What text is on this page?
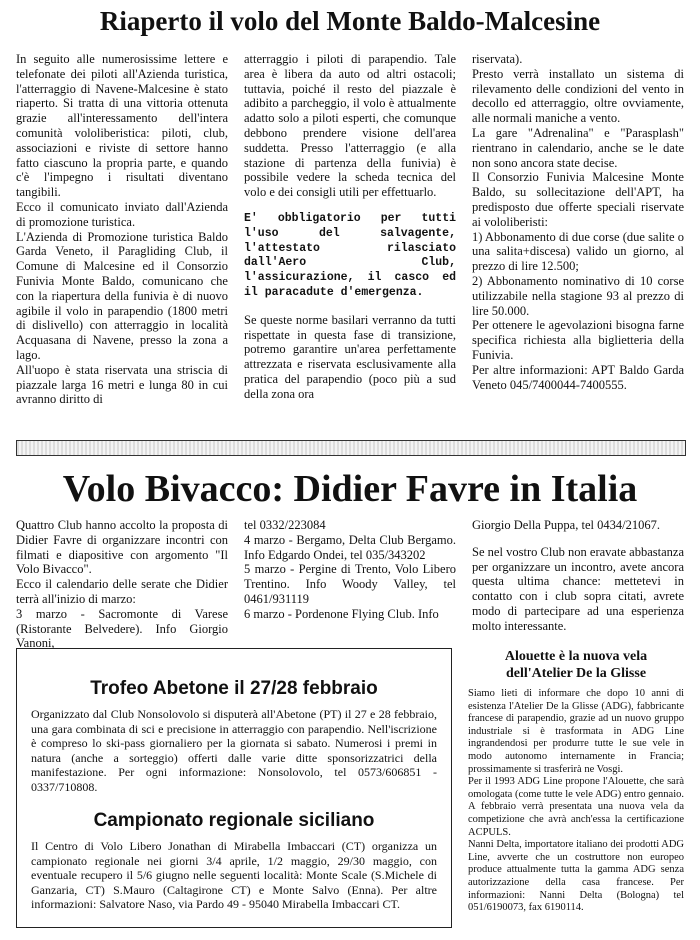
Riaperto il volo del Monte Baldo-Malcesine

In seguito alle numerosissime lettere e telefonate dei piloti all'Azienda turistica, l'atterraggio di Navene-Malcesine è stato riaperto. Si tratta di una vittoria ottenuta grazie all'interessamento dell'intera comunità vololiberistica: piloti, club, associazioni e riviste di settore hanno fatto ciascuno la propria parte, e quando c'è l'impegno i risultati diventano tangibili.

Ecco il comunicato inviato dall'Azienda di promozione turistica.

L'Azienda di Promozione turistica Baldo Garda Veneto, il Paragliding Club, il Comune di Malcesine ed il Consorzio Funivia Monte Baldo, comunicano che con la riapertura della funivia è di nuovo agibile il volo in parapendio (1800 metri di dislivello) con atterraggio in località Acquasana di Navene, presso la zona a lago.

All'uopo è stata riservata una striscia di piazzale larga 16 metri e lunga 80 in cui avranno diritto di

atterraggio i piloti di parapendio. Tale area è libera da auto od altri ostacoli; tuttavia, poiché il resto del piazzale è adibito a parcheggio, il volo è attualmente adatto solo a piloti esperti, che comunque debbono prendere visione dell'area suddetta. Presso l'atterraggio (e alla stazione di partenza della funivia) è possibile vedere la scheda tecnica del volo e dei consigli utili per effettuarlo.

E' obbligatorio per tutti l'uso del salvagente, l'attestato rilasciato dall'Aero Club, l'assicurazione, il casco ed il paracadute d'emergenza.

Se queste norme basilari verranno da tutti rispettate in questa fase di transizione, potremo garantire un'area perfettamente attrezzata e riservata esclusivamente alla pratica del parapendio (poco più a sud della zona ora

riservata).

Presto verrà installato un sistema di rilevamento delle condizioni del vento in decollo ed atterraggio, oltre ovviamente, alle normali maniche a vento.

La gare "Adrenalina" e "Parasplash" rientrano in calendario, anche se le date non sono ancora state decise.

Il Consorzio Funivia Malcesine Monte Baldo, su sollecitazione dell'APT, ha predisposto due offerte speciali riservate ai vololiberisti:

1) Abbonamento di due corse (due salite o una salita+discesa) valido un giorno, al prezzo di lire 12.500;

2) Abbonamento nominativo di 10 corse utilizzabile nella stagione 93 al prezzo di lire 50.000.

Per ottenere le agevolazioni bisogna farne specifica richiesta alla biglietteria della Funivia.

Per altre informazioni: APT Baldo Garda Veneto 045/7400044-7400555.

Volo Bivacco: Didier Favre in Italia

Quattro Club hanno accolto la proposta di Didier Favre di organizzare incontri con filmati e diapositive con argomento "Il Volo Bivacco".

Ecco il calendario delle serate che Didier terrà all'inizio di marzo:

3 marzo - Sacromonte di Varese (Ristorante Belvedere). Info Giorgio Vanoni,

tel 0332/223084

4 marzo - Bergamo, Delta Club Bergamo. Info Edgardo Ondei, tel 035/343202

5 marzo - Pergine di Trento, Volo Libero Trentino. Info Woody Valley, tel 0461/931119

6 marzo - Pordenone Flying Club. Info

Giorgio Della Puppa, tel 0434/21067.

Se nel vostro Club non eravate abbastanza per organizzare un incontro, avete ancora questa ultima chance: mettetevi in contatto con i club sopra citati, avrete modo di partecipare ad una esperienza molto interessante.

Trofeo Abetone il 27/28 febbraio
Organizzato dal Club Nonsolovolo si disputerà all'Abetone (PT) il 27 e 28 febbraio, una gara combinata di sci e precisione in atterraggio con parapendio. Nell'iscrizione è compreso lo ski-pass giornaliero per la giornata si sabato. Numerosi i premi in natura (anche a sorteggio) offerti dalle varie ditte sponsorizzatrici della manifestazione. Per ogni informazione: Nonsolovolo, tel 0573/606851 - 0337/710808.
Campionato regionale siciliano
Il Centro di Volo Libero Jonathan di Mirabella Imbaccari (CT) organizza un campionato regionale nei giorni 3/4 aprile, 1/2 maggio, 29/30 maggio, con eventuale recupero il 5/6 giugno nelle seguenti località: Monte Scale (S.Michele di Ganzaria, CT) S.Mauro (Caltagirone CT) e Monte Salvo (Enna). Per altre informazioni: Salvatore Naso, via Pardo 49 - 95040 Mirabella Imbaccari CT.
Alouette è la nuova vela dell'Atelier De la Glisse

Siamo lieti di informare che dopo 10 anni di esistenza l'Atelier De la Glisse (ADG), fabbricante francese di parapendio, grazie ad un nuovo gruppo industriale si è trasformata in ADG Line ingrandendosi per produrre tutte le sue vele in modo autonomo internamente in Francia; prossimamente si trasferirà ne Vosgi.

Per il 1993 ADG Line propone l'Alouette, che sarà omologata (come tutte le vele ADG) entro gennaio. A febbraio verrà presentata una nuova vela da competizione che avrà anch'essa la certificazione ACPULS.

Nanni Delta, importatore italiano dei prodotti ADG Line, avverte che un costruttore non europeo produce attualmente tutta la gamma ADG senza autorizzazione della casa francese. Per informazioni: Nanni Delta (Bologna) tel 051/6190073, fax 6190114.
